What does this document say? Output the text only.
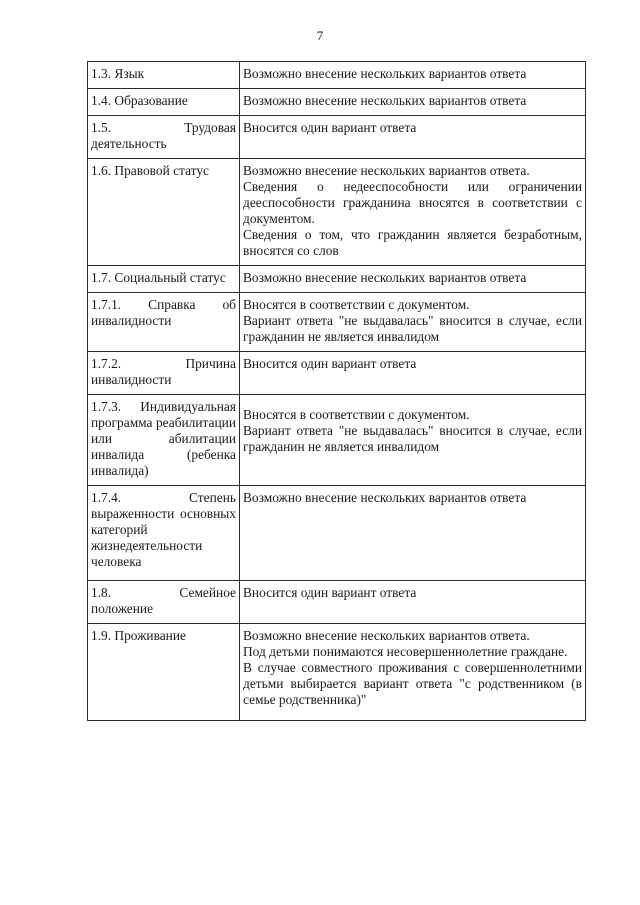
7
1.3. Язык	Возможно внесение нескольких вариантов ответа

1.4. Образование	Возможно внесение нескольких вариантов ответа

1.5. Трудовая деятельность	Вносится один вариант ответа

1.6. Правовой статус	Возможно внесение нескольких вариантов ответа.

Сведения о недееспособности или ограничении дееспособности гражданина вносятся в соответствии с документом.

Сведения о том, что гражданин является безработным, вносятся со слов

1.7. Социальный статус	Возможно внесение нескольких вариантов ответа

1.7.1. Справка об инвалидности	Вносятся в соответствии с документом.

Вариант ответа "не выдавалась" вносится в случае, если гражданин не является инвалидом

1.7.2. Причина инвалидности	Вносится один вариант ответа

1.7.3. Индивидуальная программа реабилитации или абилитации инвалида (ребенка инвалида)	Вносятся в соответствии с документом.

Вариант ответа "не выдавалась" вносится в случае, если гражданин не является инвалидом

1.7.4. Степень выраженности основных категорий жизнедеятельности человека	Возможно внесение нескольких вариантов ответа

1.8. Семейное положение	Вносится один вариант ответа

1.9. Проживание	Возможно внесение нескольких вариантов ответа.

Под детьми понимаются несовершеннолетние граждане.

В случае совместного проживания с совершеннолетними детьми выбирается вариант ответа "с родственником (в семье родственника)"
